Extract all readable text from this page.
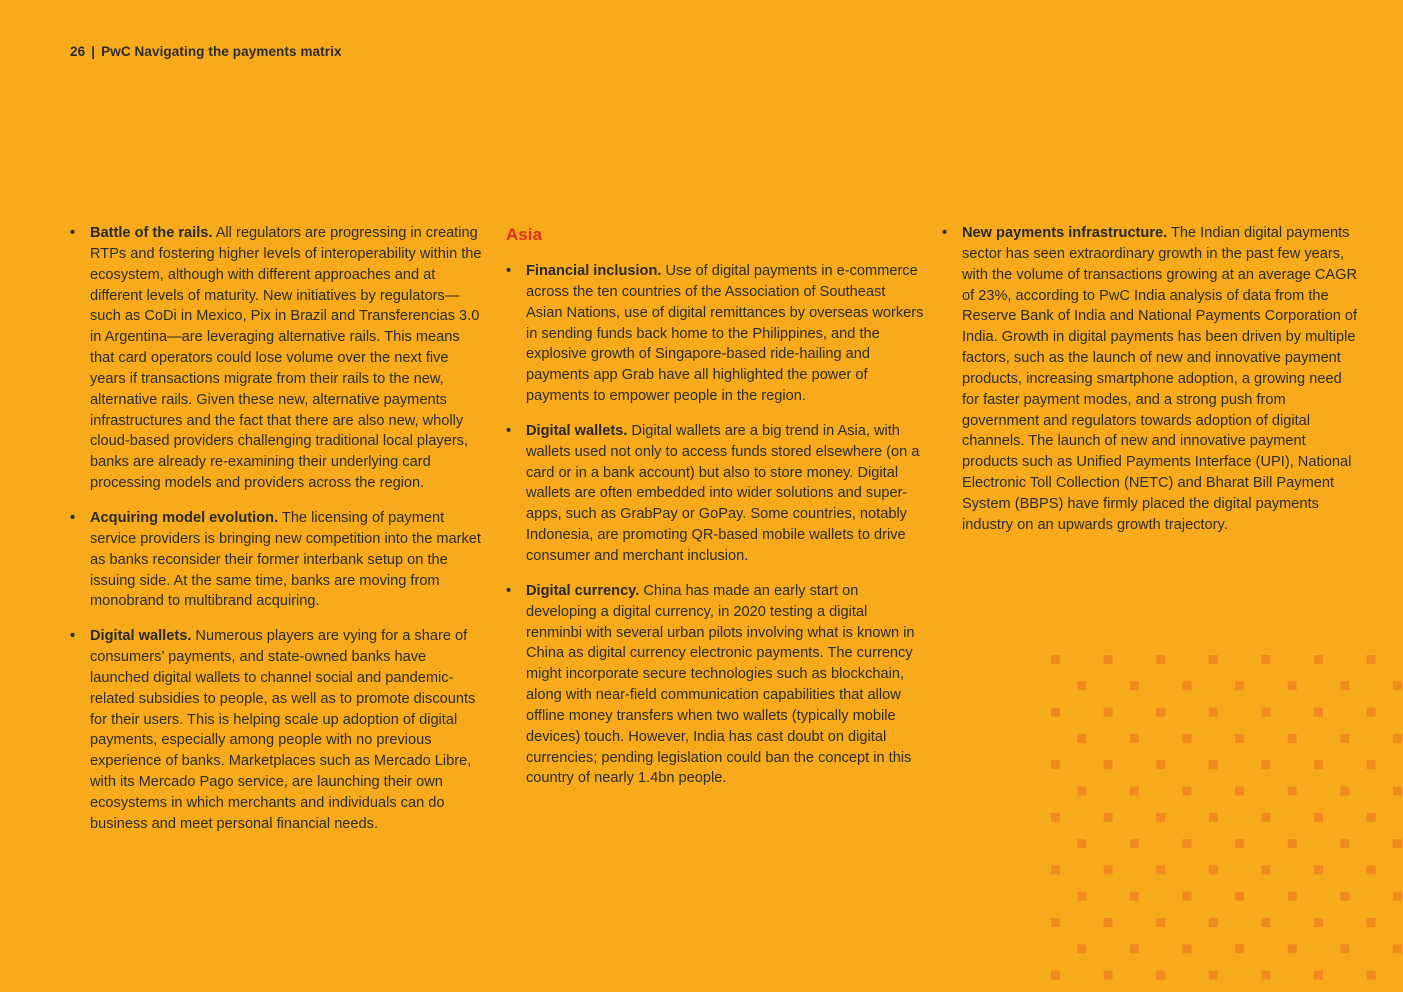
26 | PwC Navigating the payments matrix
• Battle of the rails. All regulators are progressing in creating RTPs and fostering higher levels of interoperability within the ecosystem, although with different approaches and at different levels of maturity. New initiatives by regulators—such as CoDi in Mexico, Pix in Brazil and Transferencias 3.0 in Argentina—are leveraging alternative rails. This means that card operators could lose volume over the next five years if transactions migrate from their rails to the new, alternative rails. Given these new, alternative payments infrastructures and the fact that there are also new, wholly cloud-based providers challenging traditional local players, banks are already re-examining their underlying card processing models and providers across the region.
• Acquiring model evolution. The licensing of payment service providers is bringing new competition into the market as banks reconsider their former interbank setup on the issuing side. At the same time, banks are moving from monobrand to multibrand acquiring.
• Digital wallets. Numerous players are vying for a share of consumers’ payments, and state-owned banks have launched digital wallets to channel social and pandemic-related subsidies to people, as well as to promote discounts for their users. This is helping scale up adoption of digital payments, especially among people with no previous experience of banks. Marketplaces such as Mercado Libre, with its Mercado Pago service, are launching their own ecosystems in which merchants and individuals can do business and meet personal financial needs.
Asia
• Financial inclusion. Use of digital payments in e-commerce across the ten countries of the Association of Southeast Asian Nations, use of digital remittances by overseas workers in sending funds back home to the Philippines, and the explosive growth of Singapore-based ride-hailing and payments app Grab have all highlighted the power of payments to empower people in the region.
• Digital wallets. Digital wallets are a big trend in Asia, with wallets used not only to access funds stored elsewhere (on a card or in a bank account) but also to store money. Digital wallets are often embedded into wider solutions and super-apps, such as GrabPay or GoPay. Some countries, notably Indonesia, are promoting QR-based mobile wallets to drive consumer and merchant inclusion.
• Digital currency. China has made an early start on developing a digital currency, in 2020 testing a digital renminbi with several urban pilots involving what is known in China as digital currency electronic payments. The currency might incorporate secure technologies such as blockchain, along with near-field communication capabilities that allow offline money transfers when two wallets (typically mobile devices) touch. However, India has cast doubt on digital currencies; pending legislation could ban the concept in this country of nearly 1.4bn people.
• New payments infrastructure. The Indian digital payments sector has seen extraordinary growth in the past few years, with the volume of transactions growing at an average CAGR of 23%, according to PwC India analysis of data from the Reserve Bank of India and National Payments Corporation of India. Growth in digital payments has been driven by multiple factors, such as the launch of new and innovative payment products, increasing smartphone adoption, a growing need for faster payment modes, and a strong push from government and regulators towards adoption of digital channels. The launch of new and innovative payment products such as Unified Payments Interface (UPI), National Electronic Toll Collection (NETC) and Bharat Bill Payment System (BBPS) have firmly placed the digital payments industry on an upwards growth trajectory.
